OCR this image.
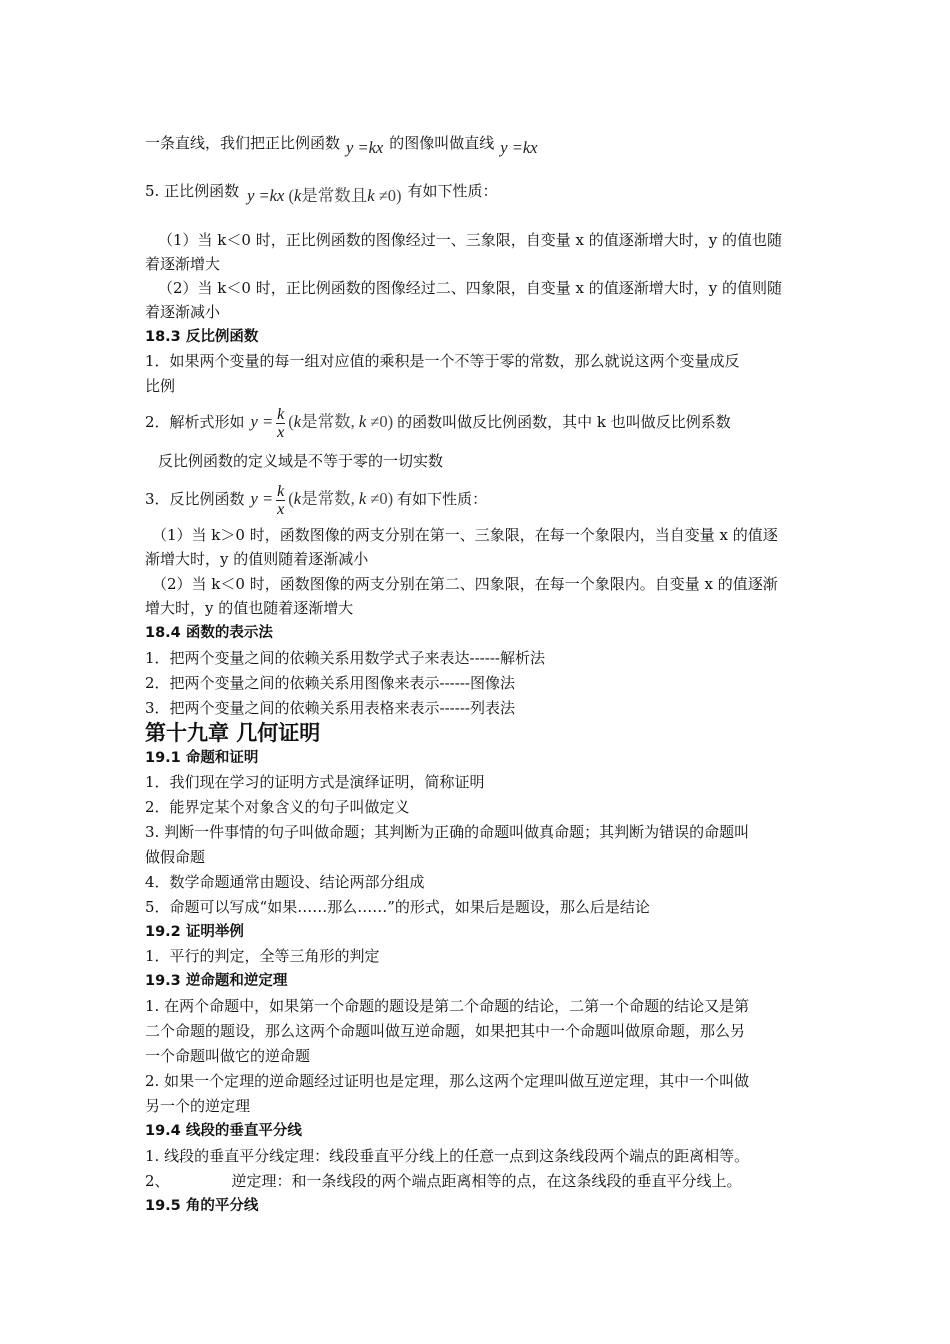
一条直线，我们把正比例函数 y =kx 的图像叫做直线 y =kx
5. 正比例函数 y =kx (k是常数且k ≠0) 有如下性质：
（1）当 k＜0 时，正比例函数的图像经过一、三象限，自变量 x 的值逐渐增大时，y 的值也随
着逐渐增大
（2）当 k＜0 时，正比例函数的图像经过二、四象限，自变量 x 的值逐渐增大时，y 的值则随
着逐渐减小
18.3 反比例函数
1．如果两个变量的每一组对应值的乘积是一个不等于零的常数，那么就说这两个变量成反
比例
2．解析式形如 $y = \frac{k}{x} (k$是常数, k ≠0) 的函数叫做反比例函数，其中 k 也叫做反比例系数
反比例函数的定义域是不等于零的一切实数
3．反比例函数 $y = \frac{k}{x} (k$是常数, k ≠0) 有如下性质：
（1）当 k＞0 时，函数图像的两支分别在第一、三象限，在每一个象限内，当自变量 x 的值逐
渐增大时，y 的值则随着逐渐减小
（2）当 k＜0 时，函数图像的两支分别在第二、四象限，在每一个象限内。自变量 x 的值逐渐
增大时，y 的值也随着逐渐增大
18.4 函数的表示法
1．把两个变量之间的依赖关系用数学式子来表达------解析法
2．把两个变量之间的依赖关系用图像来表示------图像法
3．把两个变量之间的依赖关系用表格来表示------列表法
第十九章 几何证明
19.1 命题和证明
1．我们现在学习的证明方式是演绎证明，简称证明
2．能界定某个对象含义的句子叫做定义
3. 判断一件事情的句子叫做命题；其判断为正确的命题叫做真命题；其判断为错误的命题叫
做假命题
4．数学命题通常由题设、结论两部分组成
5．命题可以写成“如果……那么……”的形式，如果后是题设，那么后是结论
19.2 证明举例
1．平行的判定，全等三角形的判定
19.3 逆命题和逆定理
1. 在两个命题中，如果第一个命题的题设是第二个命题的结论，二第一个命题的结论又是第
二个命题的题设，那么这两个命题叫做互逆命题，如果把其中一个命题叫做原命题，那么另
一个命题叫做它的逆命题
2. 如果一个定理的逆命题经过证明也是定理，那么这两个定理叫做互逆定理，其中一个叫做
另一个的逆定理
19.4 线段的垂直平分线
1. 线段的垂直平分线定理：线段垂直平分线上的任意一点到这条线段两个端点的距离相等。
2、	逆定理：和一条线段的两个端点距离相等的点，在这条线段的垂直平分线上。
19.5 角的平分线
